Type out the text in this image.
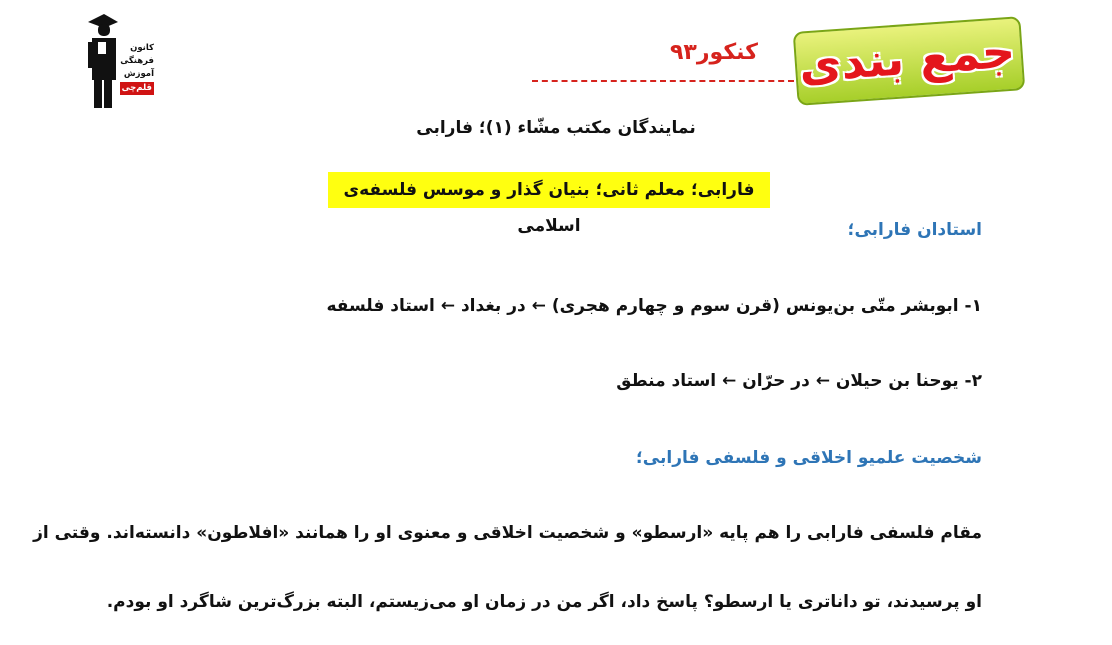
کانون
فرهنگی
آموزش
قلم‌چی
کنکور۹۳ جمع بندی
نمایندگان مکتب مشّاء (۱)؛ فارابی
فارابی؛ معلم ثانی؛ بنیان گذار و موسس فلسفه‌ی اسلامی	استادان فارابی؛
۱- ابوبشر متّی بن‌یونس (قرن سوم و چهارم هجری) ← در بغداد ← استاد فلسفه
۲- یوحنا بن حیلان ← در حرّان ← استاد منطق
شخصیت علمیو اخلاقی و فلسفی فارابی؛
مقام فلسفی فارابی را هم پایه «ارسطو» و شخصیت اخلاقی و معنوی او را همانند «افلاطون» دانسته‌اند. وقتی از
او پرسیدند، تو داناتری یا ارسطو؟ پاسخ داد، اگر من در زمان او می‌زیستم، البته بزرگ‌ترین شاگرد او بودم.
